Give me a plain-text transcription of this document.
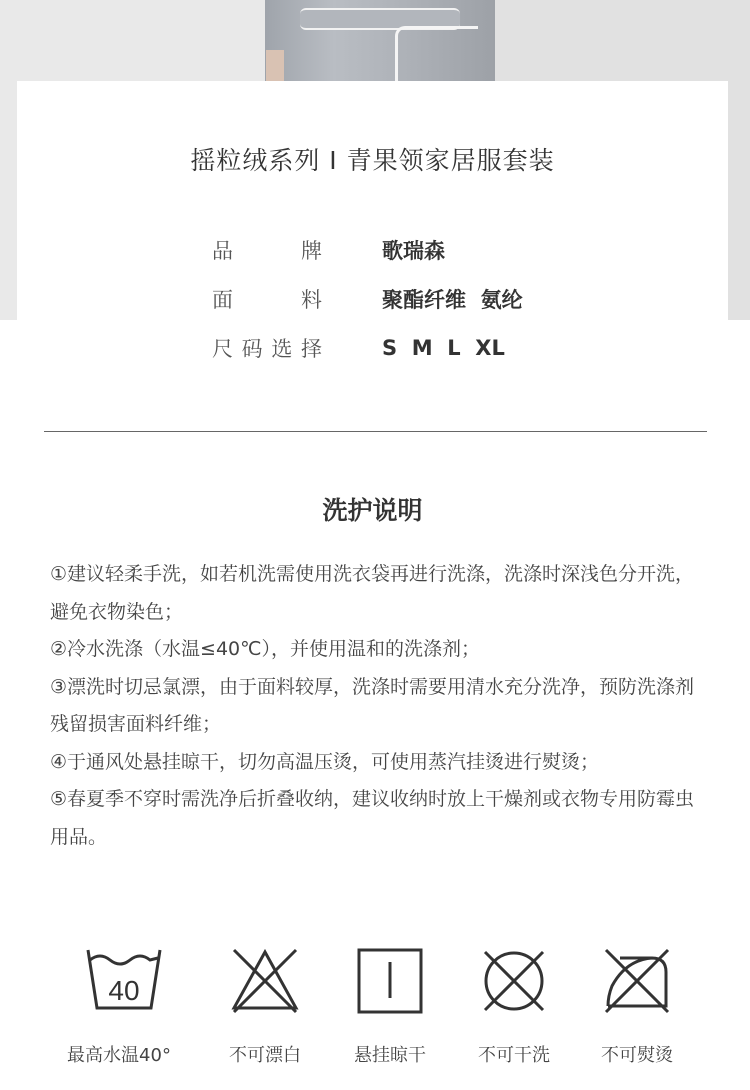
摇粒绒系列 I 青果领家居服套装
品	牌	歌瑞森
面	料	聚酯纤维  氨纶
尺 码 选 择	S  M  L  XL
洗护说明

①建议轻柔手洗，如若机洗需使用洗衣袋再进行洗涤，洗涤时深浅色分开洗，避免衣物染色；

②冷水洗涤（水温≤40℃），并使用温和的洗涤剂；

③漂洗时切忌氯漂，由于面料较厚，洗涤时需要用清水充分洗净，预防洗涤剂残留损害面料纤维；

④于通风处悬挂晾干，切勿高温压烫，可使用蒸汽挂烫进行熨烫；

⑤春夏季不穿时需洗净后折叠收纳，建议收纳时放上干燥剂或衣物专用防霉虫用品。

40
最高水温40°	不可漂白	悬挂晾干	不可干洗	不可熨烫
